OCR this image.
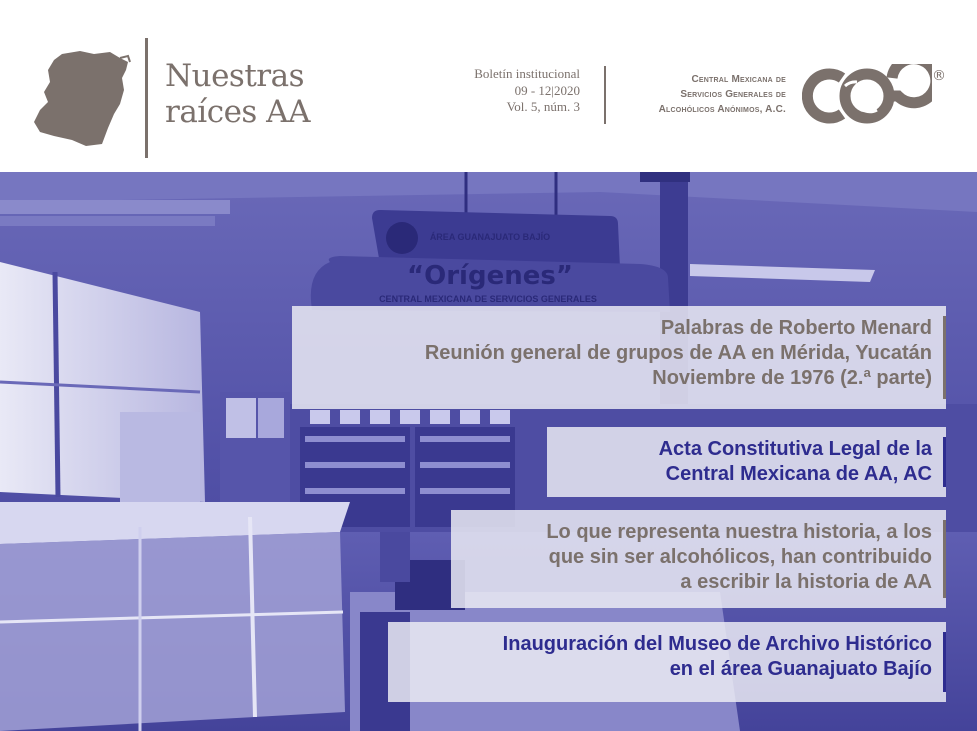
Nuestras
raíces AA
Boletín institucional
09 - 12|2020
Vol. 5, núm. 3
Central Mexicana de
Servicios Generales de
Alcohólicos Anónimos, A.C.
®
“Orígenes”
ÁREA GUANAJUATO BAJÍO
CENTRAL MEXICANA DE SERVICIOS GENERALES
Palabras de Roberto Menard
Reunión general de grupos de AA en Mérida, Yucatán
Noviembre de 1976 (2.ª parte)
Acta Constitutiva Legal de la
Central Mexicana de AA, AC
Lo que representa nuestra historia, a los
que sin ser alcohólicos, han contribuido
a escribir la historia de AA
Inauguración del Museo de Archivo Histórico
en el área Guanajuato Bajío
